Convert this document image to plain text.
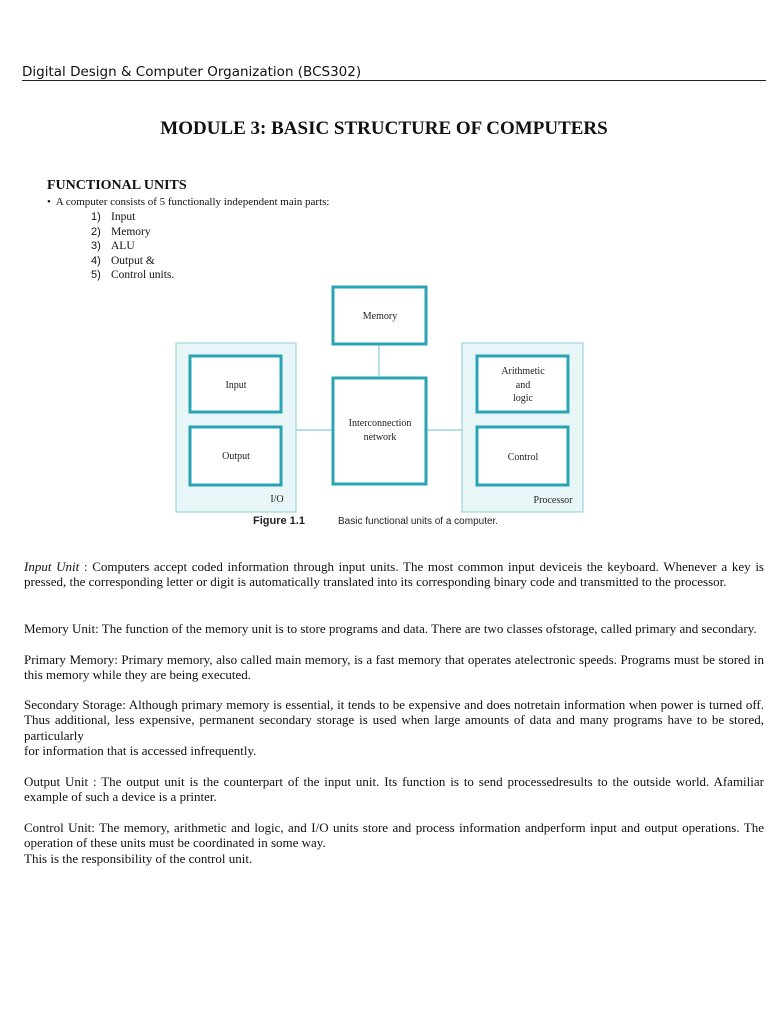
Digital Design & Computer Organization (BCS302)
MODULE 3: BASIC STRUCTURE OF COMPUTERS
FUNCTIONAL UNITS
• A computer consists of 5 functionally independent main parts:
1) Input
2) Memory
3) ALU
4) Output &
5) Control units.
Input
Output
I/O
Memory
Interconnection
network
Arithmetic
and
logic
Control
Processor
Figure 1.1	Basic functional units of a computer.

Input Unit : Computers accept coded information through input units. The most common input deviceis the keyboard. Whenever a key is pressed, the corresponding letter or digit is automatically translated into its corresponding binary code and transmitted to the processor.

Memory Unit: The function of the memory unit is to store programs and data. There are two classes ofstorage, called primary and secondary.

Primary Memory: Primary memory, also called main memory, is a fast memory that operates atelectronic speeds. Programs must be stored in this memory while they are being executed.

Secondary Storage: Although primary memory is essential, it tends to be expensive and does notretain information when power is turned off. Thus additional, less expensive, permanent secondary storage is used when large amounts of data and many programs have to be stored, particularly

for information that is accessed infrequently.

Output Unit : The output unit is the counterpart of the input unit. Its function is to send processedresults to the outside world. Afamiliar example of such a device is a printer.

Control Unit: The memory, arithmetic and logic, and I/O units store and process information andperform input and output operations. The operation of these units must be coordinated in some way.

This is the responsibility of the control unit.
